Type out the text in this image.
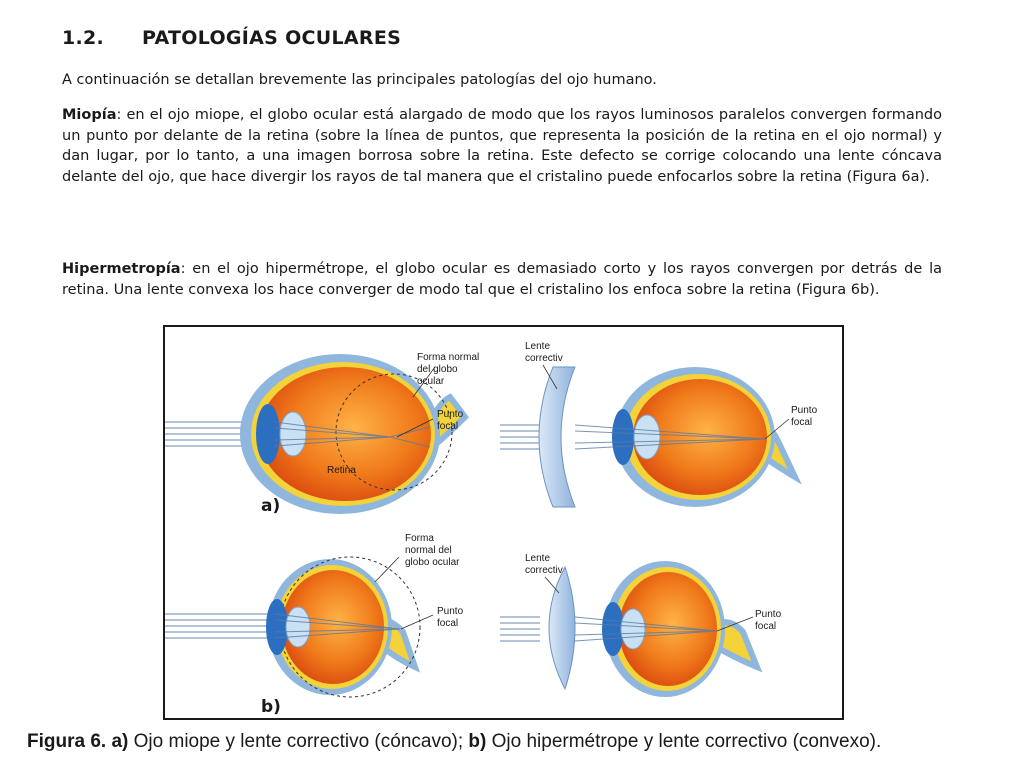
1.2. PATOLOGÍAS OCULARES
A continuación se detallan brevemente las principales patologías del ojo humano.
Miopía: en el ojo miope, el globo ocular está alargado de modo que los rayos luminosos paralelos convergen formando un punto por delante de la retina (sobre la línea de puntos, que representa la posición de la retina en el ojo normal) y dan lugar, por lo tanto, a una imagen borrosa sobre la retina. Este defecto se corrige colocando una lente cóncava delante del ojo, que hace divergir los rayos de tal manera que el cristalino puede enfocarlos sobre la retina (Figura 6a).
Hipermetropía: en el ojo hipermétrope, el globo ocular es demasiado corto y los rayos convergen por detrás de la retina. Una lente convexa los hace converger de modo tal que el cristalino los enfoca sobre la retina (Figura 6b).
Retina
Forma normal
del globo
ocular
Punto
focal
Lente
correctiv
Punto
focal
a)
Forma
normal del
globo ocular
Punto
focal
Lente
correctiv
Punto
focal
b)
Figura 6. a) Ojo miope y lente correctivo (cóncavo); b) Ojo hipermétrope y lente correctivo (convexo).
